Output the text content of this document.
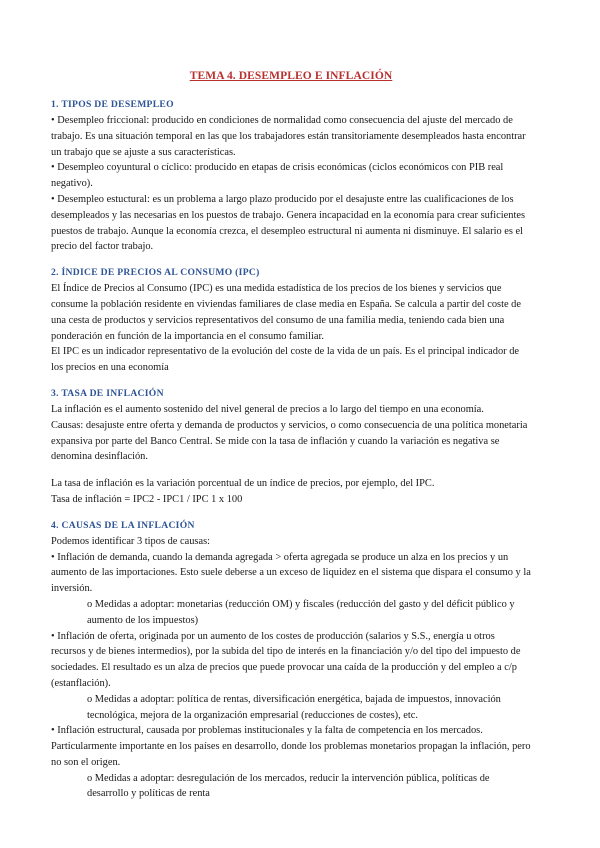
TEMA 4. DESEMPLEO E INFLACIÓN
1. TIPOS DE DESEMPLEO

• Desempleo friccional: producido en condiciones de normalidad como consecuencia del ajuste del mercado de trabajo. Es una situación temporal en las que los trabajadores están transitoriamente desempleados hasta encontrar un trabajo que se ajuste a sus características.

• Desempleo coyuntural o cíclico: producido en etapas de crisis económicas (ciclos económicos con PIB real negativo).

• Desempleo estuctural: es un problema a largo plazo producido por el desajuste entre las cualificaciones de los desempleados y las necesarias en los puestos de trabajo. Genera incapacidad en la economía para crear suficientes puestos de trabajo. Aunque la economía crezca, el desempleo estructural ni aumenta ni disminuye. El salario es el precio del factor trabajo.

2. ÍNDICE DE PRECIOS AL CONSUMO (IPC)

El Índice de Precios al Consumo (IPC) es una medida estadística de los precios de los bienes y servicios que consume la población residente en viviendas familiares de clase media en España. Se calcula a partir del coste de una cesta de productos y servicios representativos del consumo de una familia media, teniendo cada bien una ponderación en función de la importancia en el consumo familiar.

El IPC es un indicador representativo de la evolución del coste de la vida de un país. Es el principal indicador de los precios en una economía

3. TASA DE INFLACIÓN

La inflación es el aumento sostenido del nivel general de precios a lo largo del tiempo en una economía.

Causas: desajuste entre oferta y demanda de productos y servicios, o como consecuencia de una política monetaria expansiva por parte del Banco Central. Se mide con la tasa de inflación y cuando la variación es negativa se denomina desinflación.

La tasa de inflación es la variación porcentual de un índice de precios, por ejemplo, del IPC.

Tasa de inflación = IPC2 - IPC1 / IPC 1 x 100

4. CAUSAS DE LA INFLACIÓN

Podemos identificar 3 tipos de causas:

• Inflación de demanda, cuando la demanda agregada > oferta agregada se produce un alza en los precios y un aumento de las importaciones. Esto suele deberse a un exceso de liquidez en el sistema que dispara el consumo y la inversión.

o Medidas a adoptar: monetarias (reducción OM) y fiscales (reducción del gasto y del déficit público y aumento de los impuestos)

• Inflación de oferta, originada por un aumento de los costes de producción (salarios y S.S., energía u otros recursos y de bienes intermedios), por la subida del tipo de interés en la financiación y/o del tipo del impuesto de sociedades. El resultado es un alza de precios que puede provocar una caída de la producción y del empleo a c/p (estanflación).

o Medidas a adoptar: política de rentas, diversificación energética, bajada de impuestos, innovación tecnológica, mejora de la organización empresarial (reducciones de costes), etc.

• Inflación estructural, causada por problemas institucionales y la falta de competencia en los mercados. Particularmente importante en los países en desarrollo, donde los problemas monetarios propagan la inflación, pero no son el origen.

o Medidas a adoptar: desregulación de los mercados, reducir la intervención pública, políticas de desarrollo y políticas de renta
